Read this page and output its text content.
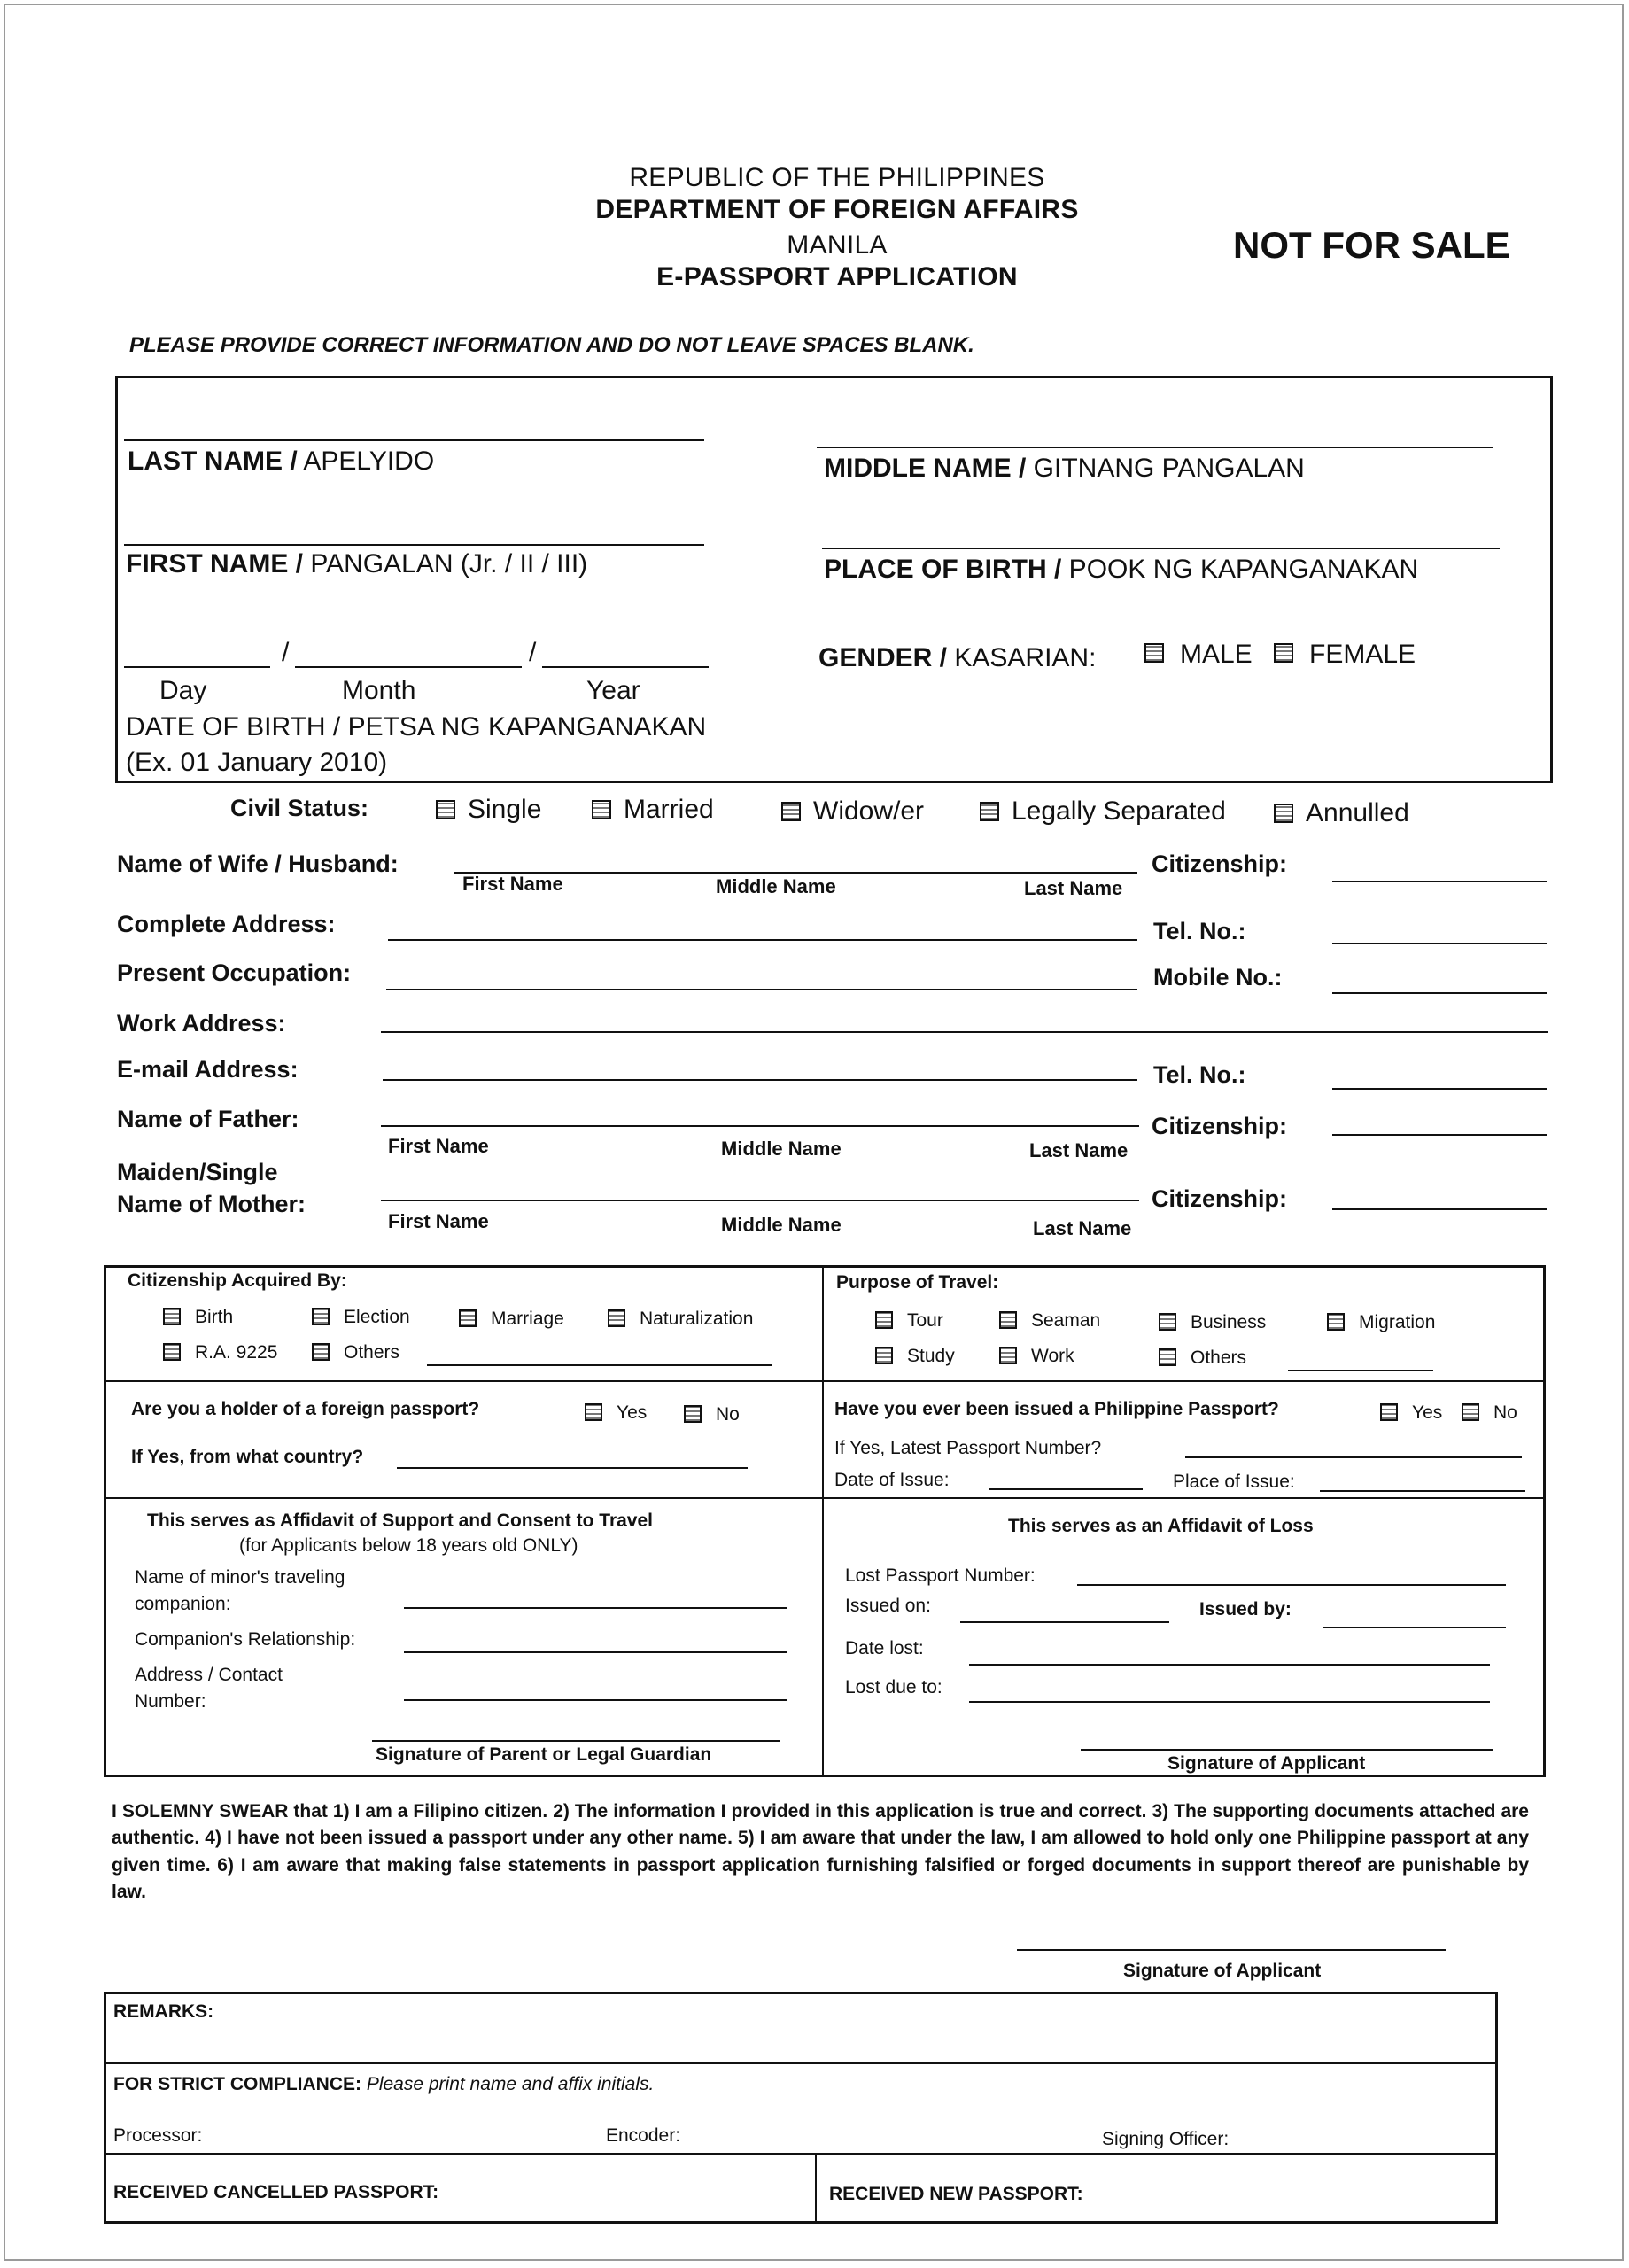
REPUBLIC OF THE PHILIPPINES
DEPARTMENT OF FOREIGN AFFAIRS
MANILA
E-PASSPORT APPLICATION
NOT FOR SALE
PLEASE PROVIDE CORRECT INFORMATION AND DO NOT LEAVE SPACES BLANK.
LAST NAME / APELYIDO	MIDDLE NAME / GITNANG PANGALAN
FIRST NAME / PANGALAN (Jr. / II / III)	PLACE OF BIRTH / POOK NG KAPANGANAKAN
/	/
Day	Month	Year
DATE OF BIRTH / PETSA NG KAPANGANAKAN
(Ex. 01 January 2010)
GENDER / KASARIAN:	MALE FEMALE
Civil Status:	Single	Married	Widow/er	Legally Separated	Annulled
Name of Wife / Husband:
First Name	Middle Name	Last Name
Citizenship:
Complete Address:	Tel. No.:
Present Occupation:	Mobile No.:
Work Address:
E-mail Address:	Tel. No.:
Name of Father:
First Name	Middle Name	Last Name
Citizenship:
Maiden/Single
Name of Mother:
First Name	Middle Name	Last Name
Citizenship:
Citizenship Acquired By:
Birth	Election	Marriage	Naturalization
R.A. 9225	Others
Purpose of Travel:
Tour	Seaman	Business	Migration
Study	Work	Others
Are you a holder of a foreign passport?	Yes	No
If Yes, from what country?
Have you ever been issued a Philippine Passport?	Yes	No
If Yes, Latest Passport Number?
Date of Issue:	Place of Issue:
This serves as Affidavit of Support and Consent to Travel
(for Applicants below 18 years old ONLY)
Name of minor's traveling
companion:
Companion's Relationship:
Address / Contact
Number:
Signature of Parent or Legal Guardian
This serves as an Affidavit of Loss
Lost Passport Number:
Issued on:	Issued by:
Date lost:
Lost due to:
Signature of Applicant
I SOLEMNY SWEAR that 1) I am a Filipino citizen. 2) The information I provided in this application is true and correct. 3) The supporting documents attached are authentic. 4) I have not been issued a passport under any other name. 5) I am aware that under the law, I am allowed to hold only one Philippine passport at any given time. 6) I am aware that making false statements in passport application furnishing falsified or forged documents in support thereof are punishable by law.
Signature of Applicant
REMARKS:
FOR STRICT COMPLIANCE: Please print name and affix initials.
Processor:	Encoder:	Signing Officer:
RECEIVED CANCELLED PASSPORT:	RECEIVED NEW PASSPORT:
